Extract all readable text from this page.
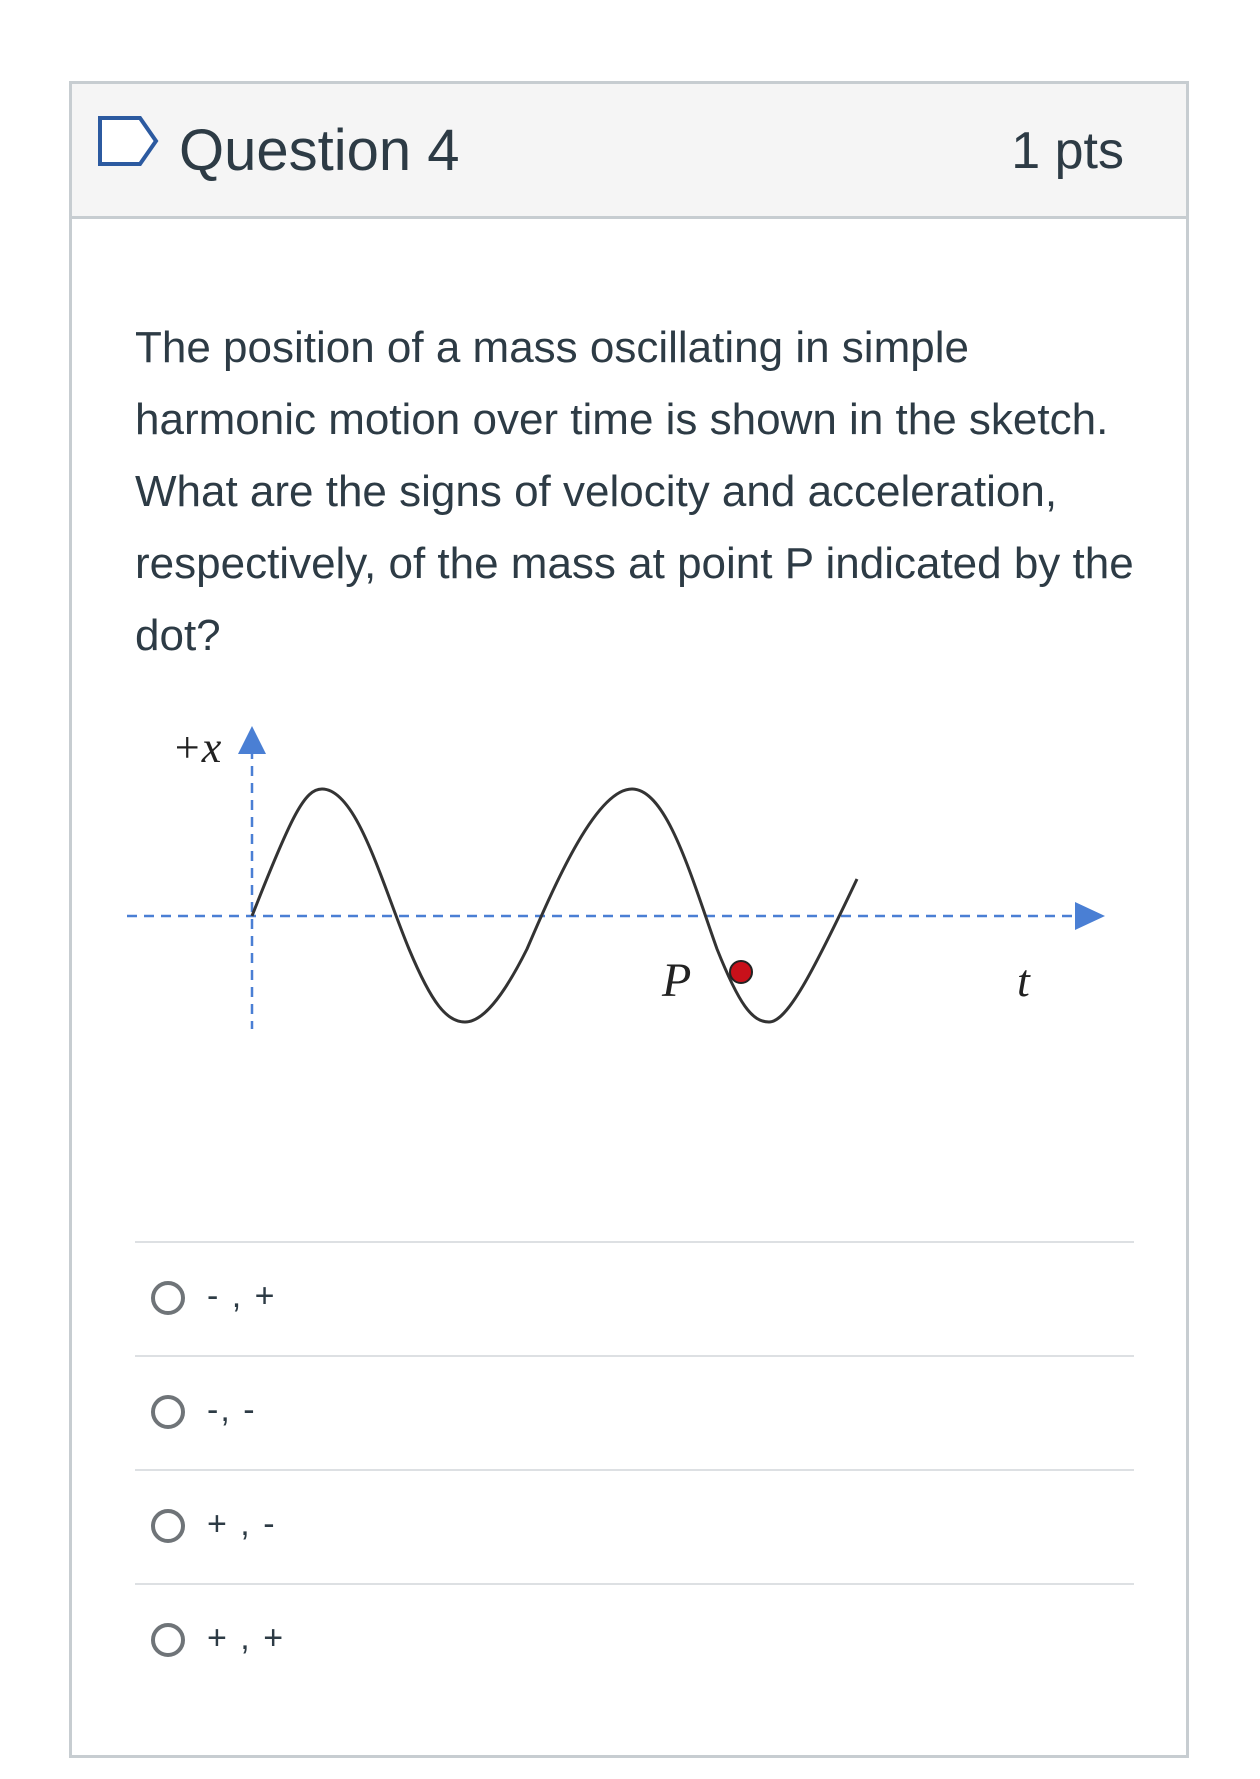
Question 4	1 pts

The position of a mass oscillating in simple harmonic motion over time is shown in the sketch. What are the signs of velocity and acceleration, respectively, of the mass at point P indicated by the dot?

P
+x
t
- , +
-, -
+ , -
+ , +
